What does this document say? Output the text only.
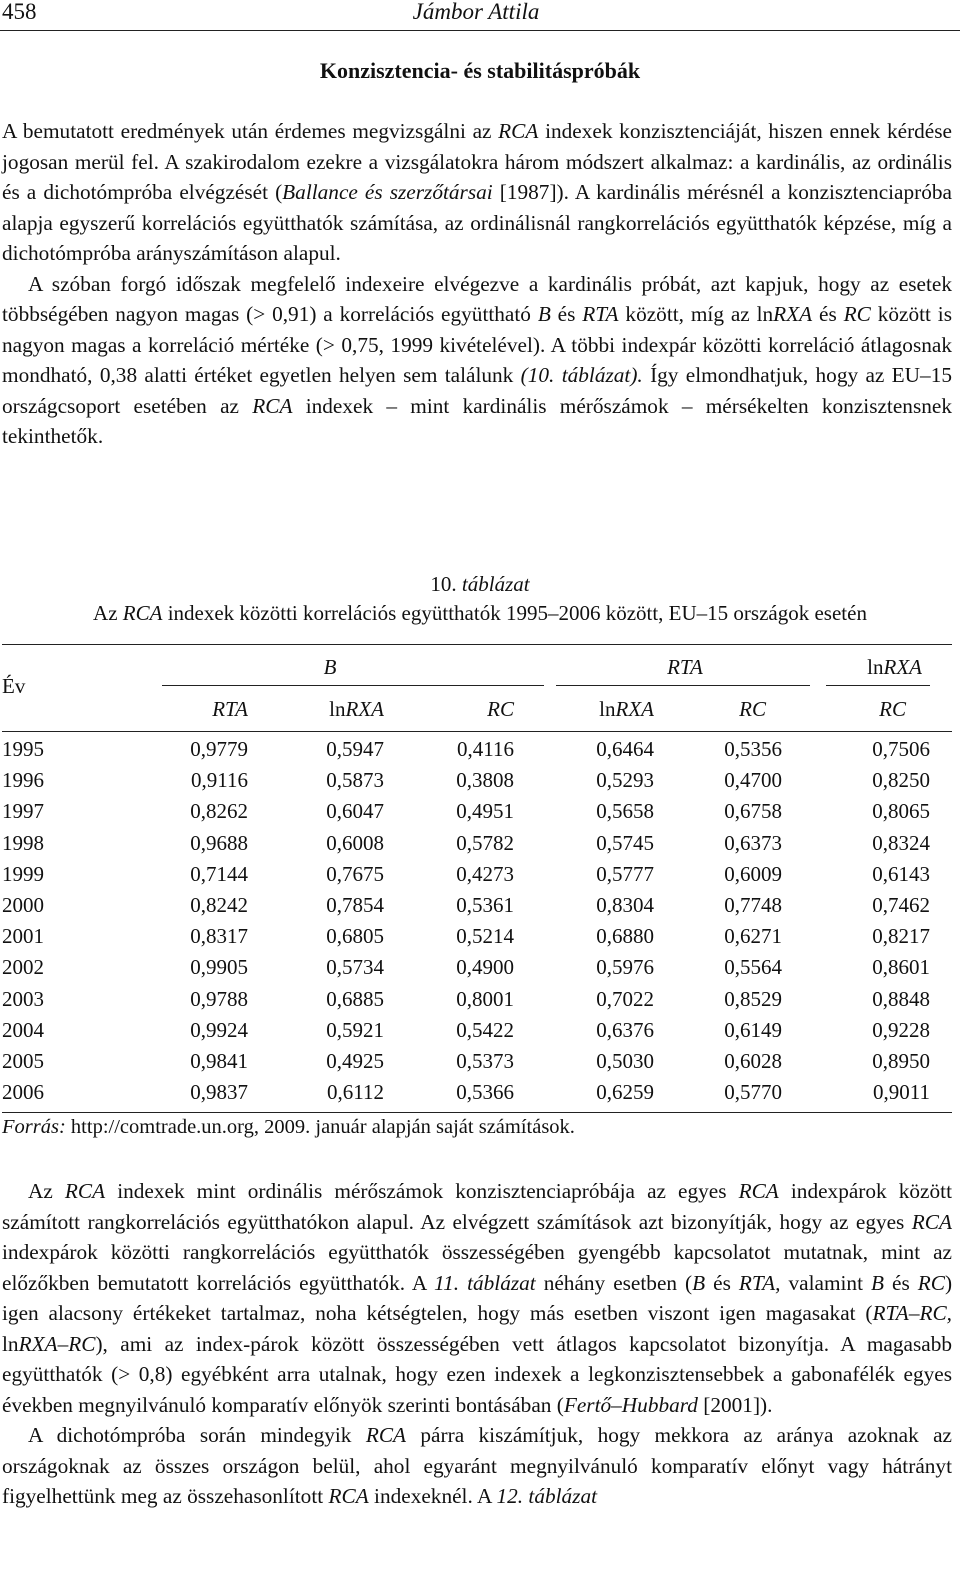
458	Jámbor Attila
Konzisztencia- és stabilitáspróbák

A bemutatott eredmények után érdemes megvizsgálni az RCA indexek konzisztenciáját, hiszen ennek kérdése jogosan merül fel. A szakirodalom ezekre a vizsgálatokra három módszert alkalmaz: a kardinális, az ordinális és a dichotómpróba elvégzését (Ballance és szerzőtársai [1987]). A kardinális mérésnél a konzisztenciapróba alapja egyszerű korrelációs együtthatók számítása, az ordinálisnál rangkorrelációs együtthatók képzése, míg a dichotómpróba arányszámításon alapul.

A szóban forgó időszak megfelelő indexeire elvégezve a kardinális próbát, azt kapjuk, hogy az esetek többségében nagyon magas (> 0,91) a korrelációs együttható B és RTA között, míg az lnRXA és RC között is nagyon magas a korreláció mértéke (> 0,75, 1999 kivételével). A többi indexpár közötti korreláció átlagosnak mondható, 0,38 alatti értéket egyetlen helyen sem találunk (10. táblázat). Így elmondhatjuk, hogy az EU–15 országcsoport esetében az RCA indexek – mint kardinális mérőszámok – mérsékelten konzisztensnek tekinthetők.

10. táblázat
Az RCA indexek közötti korrelációs együtthatók 1995–2006 között, EU–15 országok esetén
Év
B	RTA	lnRXA
RTA	lnRXA	RC	lnRXA	RC	RC
1995	0,9779	0,5947	0,4116	0,6464	0,5356	0,7506
1996	0,9116	0,5873	0,3808	0,5293	0,4700	0,8250
1997	0,8262	0,6047	0,4951	0,5658	0,6758	0,8065
1998	0,9688	0,6008	0,5782	0,5745	0,6373	0,8324
1999	0,7144	0,7675	0,4273	0,5777	0,6009	0,6143
2000	0,8242	0,7854	0,5361	0,8304	0,7748	0,7462
2001	0,8317	0,6805	0,5214	0,6880	0,6271	0,8217
2002	0,9905	0,5734	0,4900	0,5976	0,5564	0,8601
2003	0,9788	0,6885	0,8001	0,7022	0,8529	0,8848
2004	0,9924	0,5921	0,5422	0,6376	0,6149	0,9228
2005	0,9841	0,4925	0,5373	0,5030	0,6028	0,8950
2006	0,9837	0,6112	0,5366	0,6259	0,5770	0,9011
Forrás: http://comtrade.un.org, 2009. január alapján saját számítások.

Az RCA indexek mint ordinális mérőszámok konzisztenciapróbája az egyes RCA indexpárok között számított rangkorrelációs együtthatókon alapul. Az elvégzett számítások azt bizonyítják, hogy az egyes RCA indexpárok közötti rangkorrelációs együtthatók összességében gyengébb kapcsolatot mutatnak, mint az előzőkben bemutatott korrelációs együtthatók. A 11. táblázat néhány esetben (B és RTA, valamint B és RC) igen alacsony értékeket tartalmaz, noha kétségtelen, hogy más esetben viszont igen magasakat (RTA–RC, lnRXA–RC), ami az index-párok között összességében vett átlagos kapcsolatot bizonyítja. A magasabb együtthatók (> 0,8) egyébként arra utalnak, hogy ezen indexek a legkonzisztensebbek a gabonafélék egyes években megnyilvánuló komparatív előnyök szerinti bontásában (Fertő–Hubbard [2001]).

A dichotómpróba során mindegyik RCA párra kiszámítjuk, hogy mekkora az aránya azoknak az országoknak az összes országon belül, ahol egyaránt megnyilvánuló komparatív előnyt vagy hátrányt figyelhettünk meg az összehasonlított RCA indexeknél. A 12. táblázat
